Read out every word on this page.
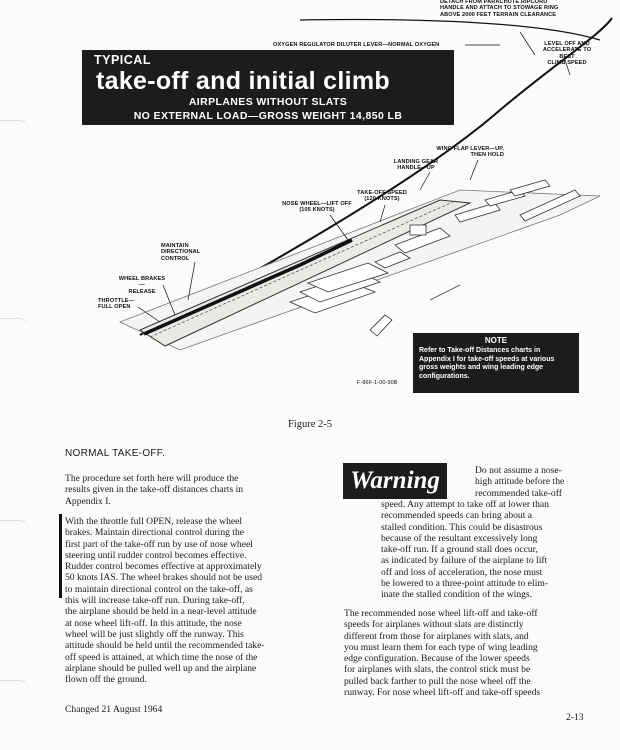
DETACH FROM PARACHUTE RIPCORD
HANDLE AND ATTACH TO STOWAGE RING
ABOVE 2000 FEET TERRAIN CLEARANCE
OXYGEN REGULATOR DILUTER LEVER—NORMAL OXYGEN	LEVEL OFF AND
ACCELERATE TO BEST
CLIMB SPEED
WING FLAP LEVER—UP,
THEN HOLD
LANDING GEAR
HANDLE—UP
TAKE-OFF SPEED
(120 KNOTS)
NOSE WHEEL—LIFT OFF
(105 KNOTS)
MAINTAIN
DIRECTIONAL
CONTROL
WHEEL BRAKES—
RELEASE
THROTTLE—
FULL OPEN
TYPICAL
take-off and initial climb
AIRPLANES WITHOUT SLATS
NO EXTERNAL LOAD—GROSS WEIGHT 14,850 LB
NOTE
Refer to Take-off Distances charts in Appendix I for take-off speeds at various gross weights and wing leading edge configurations.
F-86F-1-00-90B
Figure 2-5
NORMAL TAKE-OFF.
The procedure set forth here will produce the
results given in the take-off distances charts in
Appendix I.
With the throttle full OPEN, release the wheel
brakes. Maintain directional control during the
first part of the take-off run by use of nose wheel
steering until rudder control becomes effective.
Rudder control becomes effective at approximately
50 knots IAS. The wheel brakes should not be used
to maintain directional control on the take-off, as
this will increase take-off run. During take-off,
the airplane should be held in a near-level attitude
at nose wheel lift-off. In this attitude, the nose
wheel will be just slightly off the runway. This
attitude should be held until the recommended take-
off speed is attained, at which time the nose of the
airplane should be pulled well up and the airplane
flown off the ground.
Changed 21 August 1964
Warning	Do not assume a nose-
high attitude before the
recommended take-off
speed. Any attempt to take off at lower than
recommended speeds can bring about a
stalled condition. This could be disastrous
because of the resultant excessively long
take-off run. If a ground stall does occur,
as indicated by failure of the airplane to lift
off and loss of acceleration, the nose must
be lowered to a three-point attitude to elim-
inate the stalled condition of the wings.
The recommended nose wheel lift-off and take-off
speeds for airplanes without slats are distinctly
different from those for airplanes with slats, and
you must learn them for each type of wing leading
edge configuration. Because of the lower speeds
for airplanes with slats, the control stick must be
pulled back farther to pull the nose wheel off the
runway. For nose wheel lift-off and take-off speeds
2-13
